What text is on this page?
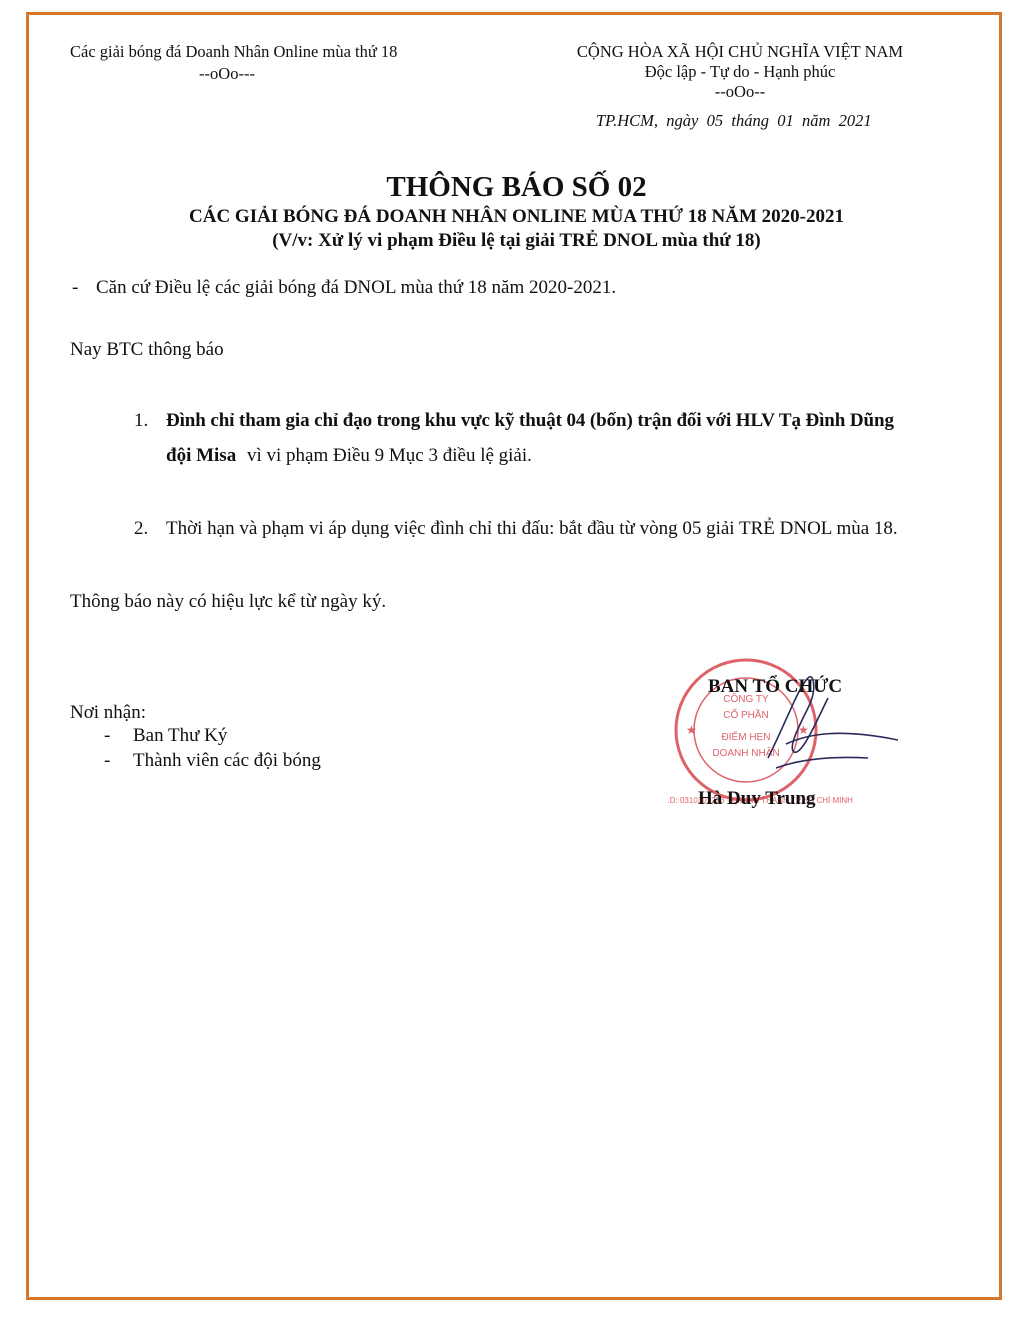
Các giải bóng đá Doanh Nhân Online mùa thứ 18
--oOo---
CỘNG HÒA XÃ HỘI CHỦ NGHĨA VIỆT NAM
Độc lập - Tự do - Hạnh phúc
--oOo--
TP.HCM,  ngày  05  tháng  01  năm  2021
THÔNG BÁO SỐ 02
CÁC GIẢI BÓNG ĐÁ DOANH NHÂN ONLINE MÙA THỨ 18 NĂM 2020-2021
(V/v: Xử lý vi phạm Điều lệ tại giải TRẺ DNOL mùa thứ 18)
- Căn cứ Điều lệ các giải bóng đá DNOL mùa thứ 18 năm 2020-2021.
Nay BTC thông báo
1. Đình chỉ tham gia chỉ đạo trong khu vực kỹ thuật 04 (bốn) trận đối với HLV Tạ Đình Dũng
đội Misa vì vi phạm Điều 9 Mục 3 điều lệ giải.
2. Thời hạn và phạm vi áp dụng việc đình chỉ thi đấu: bắt đầu từ vòng 05 giải TRẺ DNOL mùa 18.
Thông báo này có hiệu lực kể từ ngày ký.
Nơi nhận:
- Ban Thư Ký
- Thành viên các đội bóng
CÔNG TY
CỔ PHẦN
ĐIỂM HẸN
DOANH NHÂN
.D: 0310301223 · Q.BÌNH THẠNH TP.HỒ CHÍ MINH
★	★
BAN TỔ CHỨC
Hà Duy Trung
